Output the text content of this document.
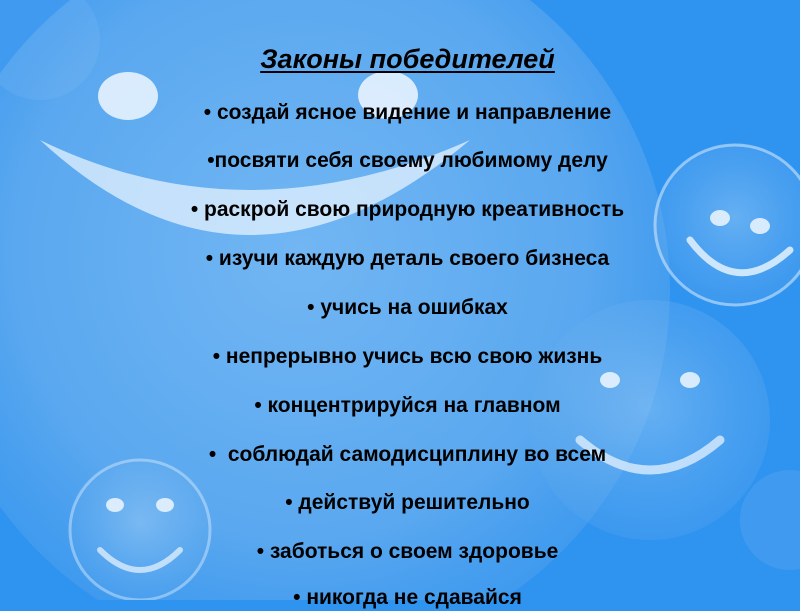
Законы победителей

• создай ясное видение и направление
•посвяти себя своему любимому делу
• раскрой свою природную креативность
• изучи каждую деталь своего бизнеса
• учись на ошибках
• непрерывно учись всю свою жизнь
• концентрируйся на главном
•  соблюдай самодисциплину во всем
• действуй решительно
• заботься о своем здоровье
• никогда не сдавайся
